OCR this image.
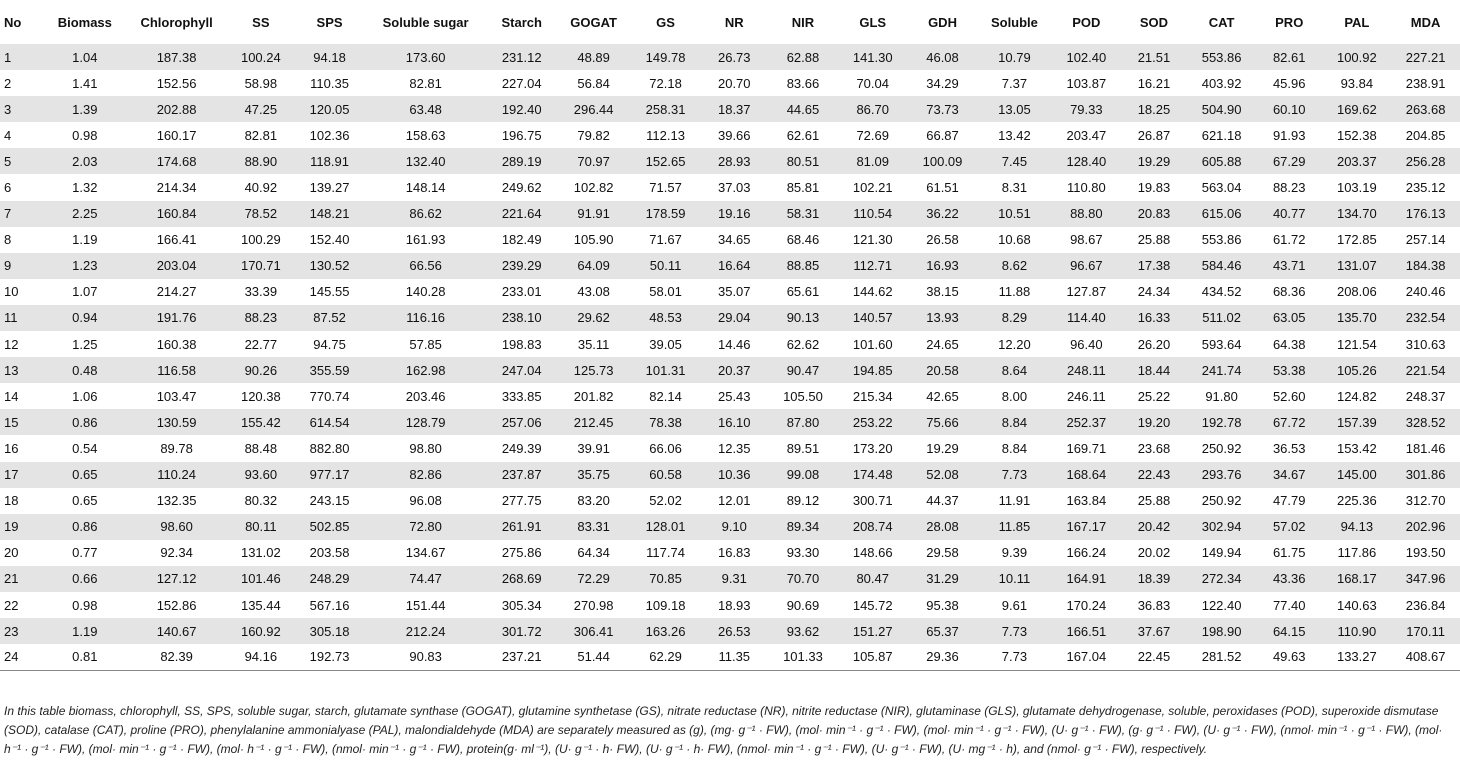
No	Biomass	Chlorophyll	SS	SPS	Soluble sugar	Starch	GOGAT	GS	NR	NIR	GLS	GDH	Soluble	POD	SOD	CAT	PRO	PAL	MDA
1	1.04	187.38	100.24	94.18	173.60	231.12	48.89	149.78	26.73	62.88	141.30	46.08	10.79	102.40	21.51	553.86	82.61	100.92	227.21
2	1.41	152.56	58.98	110.35	82.81	227.04	56.84	72.18	20.70	83.66	70.04	34.29	7.37	103.87	16.21	403.92	45.96	93.84	238.91
3	1.39	202.88	47.25	120.05	63.48	192.40	296.44	258.31	18.37	44.65	86.70	73.73	13.05	79.33	18.25	504.90	60.10	169.62	263.68
4	0.98	160.17	82.81	102.36	158.63	196.75	79.82	112.13	39.66	62.61	72.69	66.87	13.42	203.47	26.87	621.18	91.93	152.38	204.85
5	2.03	174.68	88.90	118.91	132.40	289.19	70.97	152.65	28.93	80.51	81.09	100.09	7.45	128.40	19.29	605.88	67.29	203.37	256.28
6	1.32	214.34	40.92	139.27	148.14	249.62	102.82	71.57	37.03	85.81	102.21	61.51	8.31	110.80	19.83	563.04	88.23	103.19	235.12
7	2.25	160.84	78.52	148.21	86.62	221.64	91.91	178.59	19.16	58.31	110.54	36.22	10.51	88.80	20.83	615.06	40.77	134.70	176.13
8	1.19	166.41	100.29	152.40	161.93	182.49	105.90	71.67	34.65	68.46	121.30	26.58	10.68	98.67	25.88	553.86	61.72	172.85	257.14
9	1.23	203.04	170.71	130.52	66.56	239.29	64.09	50.11	16.64	88.85	112.71	16.93	8.62	96.67	17.38	584.46	43.71	131.07	184.38
10	1.07	214.27	33.39	145.55	140.28	233.01	43.08	58.01	35.07	65.61	144.62	38.15	11.88	127.87	24.34	434.52	68.36	208.06	240.46
11	0.94	191.76	88.23	87.52	116.16	238.10	29.62	48.53	29.04	90.13	140.57	13.93	8.29	114.40	16.33	511.02	63.05	135.70	232.54
12	1.25	160.38	22.77	94.75	57.85	198.83	35.11	39.05	14.46	62.62	101.60	24.65	12.20	96.40	26.20	593.64	64.38	121.54	310.63
13	0.48	116.58	90.26	355.59	162.98	247.04	125.73	101.31	20.37	90.47	194.85	20.58	8.64	248.11	18.44	241.74	53.38	105.26	221.54
14	1.06	103.47	120.38	770.74	203.46	333.85	201.82	82.14	25.43	105.50	215.34	42.65	8.00	246.11	25.22	91.80	52.60	124.82	248.37
15	0.86	130.59	155.42	614.54	128.79	257.06	212.45	78.38	16.10	87.80	253.22	75.66	8.84	252.37	19.20	192.78	67.72	157.39	328.52
16	0.54	89.78	88.48	882.80	98.80	249.39	39.91	66.06	12.35	89.51	173.20	19.29	8.84	169.71	23.68	250.92	36.53	153.42	181.46
17	0.65	110.24	93.60	977.17	82.86	237.87	35.75	60.58	10.36	99.08	174.48	52.08	7.73	168.64	22.43	293.76	34.67	145.00	301.86
18	0.65	132.35	80.32	243.15	96.08	277.75	83.20	52.02	12.01	89.12	300.71	44.37	11.91	163.84	25.88	250.92	47.79	225.36	312.70
19	0.86	98.60	80.11	502.85	72.80	261.91	83.31	128.01	9.10	89.34	208.74	28.08	11.85	167.17	20.42	302.94	57.02	94.13	202.96
20	0.77	92.34	131.02	203.58	134.67	275.86	64.34	117.74	16.83	93.30	148.66	29.58	9.39	166.24	20.02	149.94	61.75	117.86	193.50
21	0.66	127.12	101.46	248.29	74.47	268.69	72.29	70.85	9.31	70.70	80.47	31.29	10.11	164.91	18.39	272.34	43.36	168.17	347.96
22	0.98	152.86	135.44	567.16	151.44	305.34	270.98	109.18	18.93	90.69	145.72	95.38	9.61	170.24	36.83	122.40	77.40	140.63	236.84
23	1.19	140.67	160.92	305.18	212.24	301.72	306.41	163.26	26.53	93.62	151.27	65.37	7.73	166.51	37.67	198.90	64.15	110.90	170.11
24	0.81	82.39	94.16	192.73	90.83	237.21	51.44	62.29	11.35	101.33	105.87	29.36	7.73	167.04	22.45	281.52	49.63	133.27	408.67
In this table biomass, chlorophyll, SS, SPS, soluble sugar, starch, glutamate synthase (GOGAT), glutamine synthetase (GS), nitrate reductase (NR), nitrite reductase (NIR), glutaminase (GLS), glutamate dehydrogenase, soluble, peroxidases (POD), superoxide dismutase (SOD), catalase (CAT), proline (PRO), phenylalanine ammonialyase (PAL), malondialdehyde (MDA) are separately measured as (g), (mg· g⁻¹ · FW), (mol· min⁻¹ · g⁻¹ · FW), (mol· min⁻¹ · g⁻¹ · FW), (U· g⁻¹ · FW), (g· g⁻¹ · FW), (U· g⁻¹ · FW), (nmol· min⁻¹ · g⁻¹ · FW), (mol· h⁻¹ · g⁻¹ · FW), (mol· min⁻¹ · g⁻¹ · FW), (mol· h⁻¹ · g⁻¹ · FW), (nmol· min⁻¹ · g⁻¹ · FW), protein(g· ml⁻¹), (U· g⁻¹ · h· FW), (U· g⁻¹ · h· FW), (nmol· min⁻¹ · g⁻¹ · FW), (U· g⁻¹ · FW), (U· mg⁻¹ · h), and (nmol· g⁻¹ · FW), respectively.
